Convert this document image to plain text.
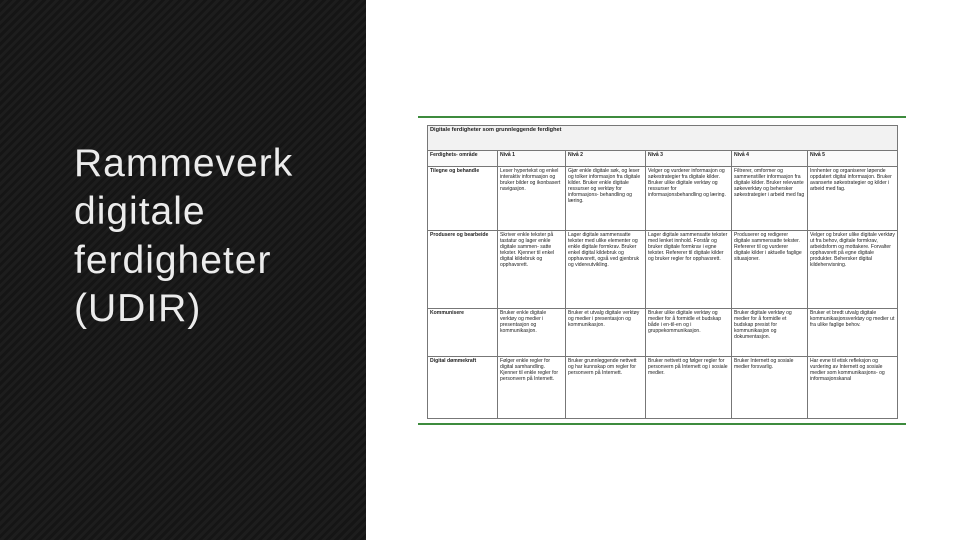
Rammeverk
digitale
ferdigheter
(UDIR)
Digitale ferdigheter som grunnleggende ferdighet					
Ferdighets- område	Nivå 1	Nivå 2	Nivå 3	Nivå 4	Nivå 5
Tilegne og behandle	Leser hypertekst og enkel interaktiv informasjon og bruker bilder og ikonbasert navigasjon.	Gjør enkle digitale søk, og leser og tolker informasjon fra digitale kilder. Bruker enkle digitale ressurser og verktøy for informasjons- behandling og læring.	Velger og vurderer informasjon og søkestrategier fra digitale kilder. Bruker ulike digitale verktøy og ressurser for informasjonsbehandling og læring.	Filtrerer, omformer og sammenstiller informasjon fra digitale kilder. Bruker relevante søkeverktøy og behersker søkestrategier i arbeid med fag	Innhenter og organiserer løpende oppdatert digital informasjon. Bruker avanserte søkestrategier og kilder i arbeid med fag.
Produsere og bearbeide	Skriver enkle tekster på tastatur og lager enkle digitale sammen- satte tekster. Kjenner til enkel digital kildebruk og opphavsrett.	Lager digitale sammensatte tekster med ulike elementer og enkle digitale formkrav. Bruker enkel digital kildebruk og opphavsrett, også ved gjenbruk og videreutvikling.	Lager digitale sammensatte tekster med lenket innhold. Forstår og bruker digitale formkrav i egne tekster. Refererer til digitale kilder og bruker regler for opphavsrett.	Produserer og redigerer digitale sammensatte tekster. Refererer til og vurderer digitale kilder i aktuelle faglige situasjoner.	Velger og bruker ulike digitale verktøy ut fra behov, digitale formkrav, arbeidsform og mottakere. Forvalter opphavsrett på egne digitale produkter. Behersker digital kildehenvisning.
Kommunisere	Bruker enkle digitale verktøy og medier i presentasjon og kommunikasjon.	Bruker et utvalg digitale verktøy og medier i presentasjon og kommunikasjon.	Bruker ulike digitale verktøy og medier for å formidle et budskap både i en-til-en og i gruppekommunikasjon.	Bruker digitale verktøy og medier for å formidle et budskap presist for kommunikasjon og dokumentasjon.	Bruker et bredt utvalg digitale kommunikasjonsverktøy og medier ut fra ulike faglige behov.
Digital dømmekraft	Følger enkle regler for digital samhandling. Kjenner til enkle regler for personvern på Internett.	Bruker grunnleggende nettvett og har kunnskap om regler for personvern på Internett.	Bruker nettvett og følger regler for personvern på Internett og i sosiale medier.	Bruker Internett og sosiale medier forsvarlig.	Har evne til etisk refleksjon og vurdering av Internett og sosiale medier som kommunikasjons- og informasjonskanal
